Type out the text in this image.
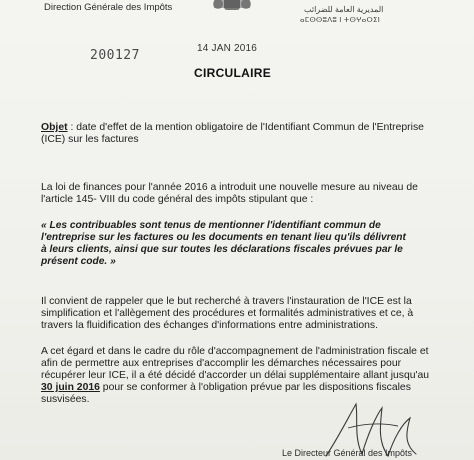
Direction Générale des Impôts	المديرية العامة للضرائب
ⴰⵎⵙⵙⵓⴷⵓ ⵏ ⵜⵙⵖⴰⵔⵉⵏ
200127	14 JAN 2016
CIRCULAIRE
Objet : date d'effet de la mention obligatoire de l'Identifiant Commun de l'Entreprise
(ICE) sur les factures
La loi de finances pour l'année 2016 a introduit une nouvelle mesure au niveau de
l'article 145- VIII du code général des impôts stipulant que :
« Les contribuables sont tenus de mentionner l'identifiant commun de
l'entreprise sur les factures ou les documents en tenant lieu qu'ils délivrent
à leurs clients, ainsi que sur toutes les déclarations fiscales prévues par le
présent code. »
Il convient de rappeler que le but recherché à travers l'instauration de l'ICE est la
simplification et l'allègement des procédures et formalités administratives et ce, à
travers la fluidification des échanges d'informations entre administrations.
A cet égard et dans le cadre du rôle d'accompagnement de l'administration fiscale et
afin de permettre aux entreprises d'accomplir les démarches nécessaires pour
récupérer leur ICE, il a été décidé d'accorder un délai supplémentaire allant jusqu'au
30 juin 2016 pour se conformer à l'obligation prévue par les dispositions fiscales
susvisées.
Le Directeur Général des Impôts
